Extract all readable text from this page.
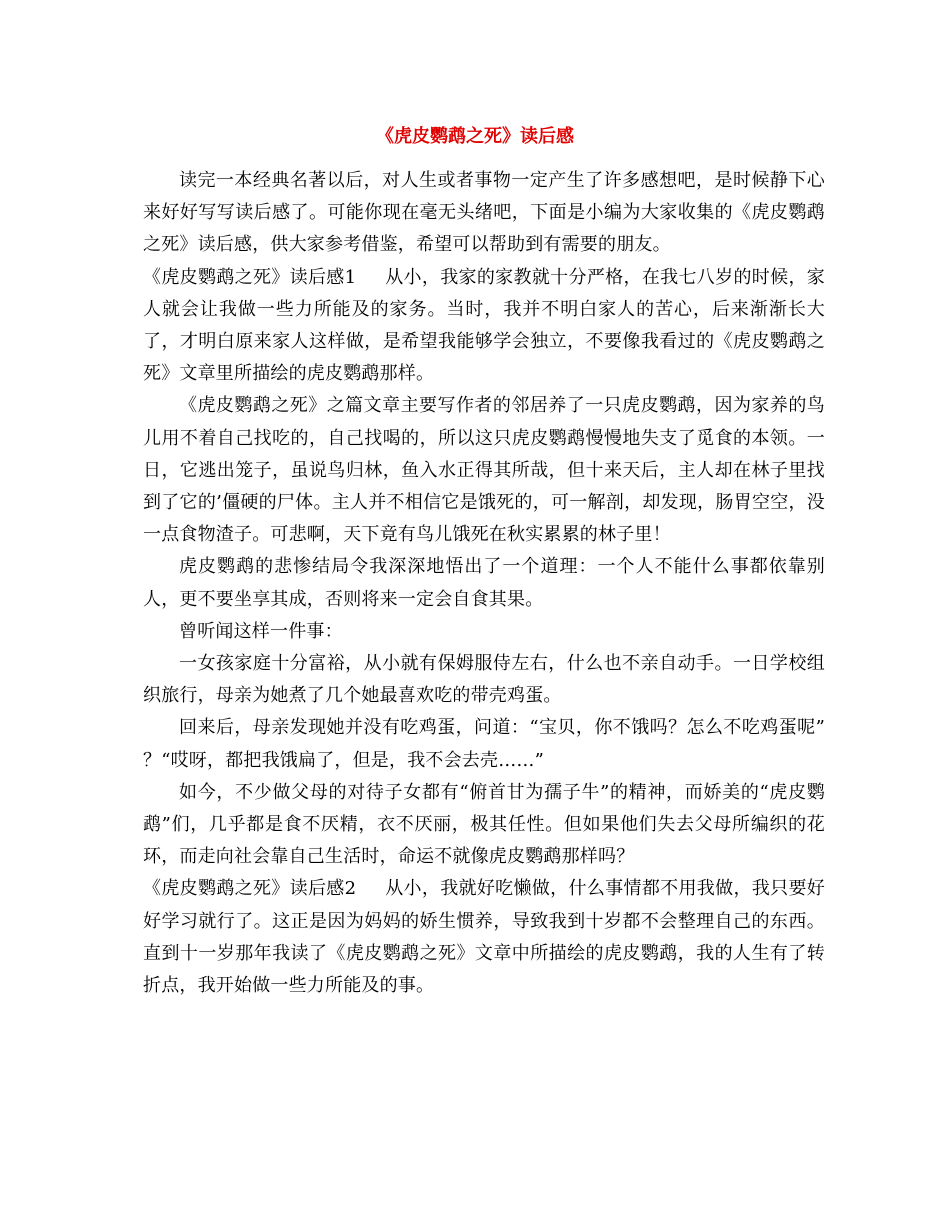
《虎皮鹦鹉之死》读后感

读完一本经典名著以后，对人生或者事物一定产生了许多感想吧，是时候静下心来好好写写读后感了。可能你现在毫无头绪吧，下面是小编为大家收集的《虎皮鹦鹉之死》读后感，供大家参考借鉴，希望可以帮助到有需要的朋友。

《虎皮鹦鹉之死》读后感1 从小，我家的家教就十分严格，在我七八岁的时候，家人就会让我做一些力所能及的家务。当时，我并不明白家人的苦心，后来渐渐长大了，才明白原来家人这样做，是希望我能够学会独立，不要像我看过的《虎皮鹦鹉之死》文章里所描绘的虎皮鹦鹉那样。

《虎皮鹦鹉之死》之篇文章主要写作者的邻居养了一只虎皮鹦鹉，因为家养的鸟儿用不着自己找吃的，自己找喝的，所以这只虎皮鹦鹉慢慢地失支了觅食的本领。一日，它逃出笼子，虽说鸟归林，鱼入水正得其所哉，但十来天后，主人却在林子里找到了它的’僵硬的尸体。主人并不相信它是饿死的，可一解剖，却发现，肠胃空空，没一点食物渣子。可悲啊，天下竟有鸟儿饿死在秋实累累的林子里！

虎皮鹦鹉的悲惨结局令我深深地悟出了一个道理：一个人不能什么事都依靠别人，更不要坐享其成，否则将来一定会自食其果。

曾听闻这样一件事：

一女孩家庭十分富裕，从小就有保姆服侍左右，什么也不亲自动手。一日学校组织旅行，母亲为她煮了几个她最喜欢吃的带壳鸡蛋。

回来后，母亲发现她并没有吃鸡蛋，问道：“宝贝，你不饿吗？怎么不吃鸡蛋呢” ？“哎呀，都把我饿扁了，但是，我不会去壳……”

如今，不少做父母的对待子女都有“俯首甘为孺子牛”的精神，而娇美的“虎皮鹦鹉”们，几乎都是食不厌精，衣不厌丽，极其任性。但如果他们失去父母所编织的花环，而走向社会靠自己生活时，命运不就像虎皮鹦鹉那样吗？

《虎皮鹦鹉之死》读后感2 从小，我就好吃懒做，什么事情都不用我做，我只要好好学习就行了。这正是因为妈妈的娇生惯养，导致我到十岁都不会整理自己的东西。直到十一岁那年我读了《虎皮鹦鹉之死》文章中所描绘的虎皮鹦鹉，我的人生有了转折点，我开始做一些力所能及的事。
